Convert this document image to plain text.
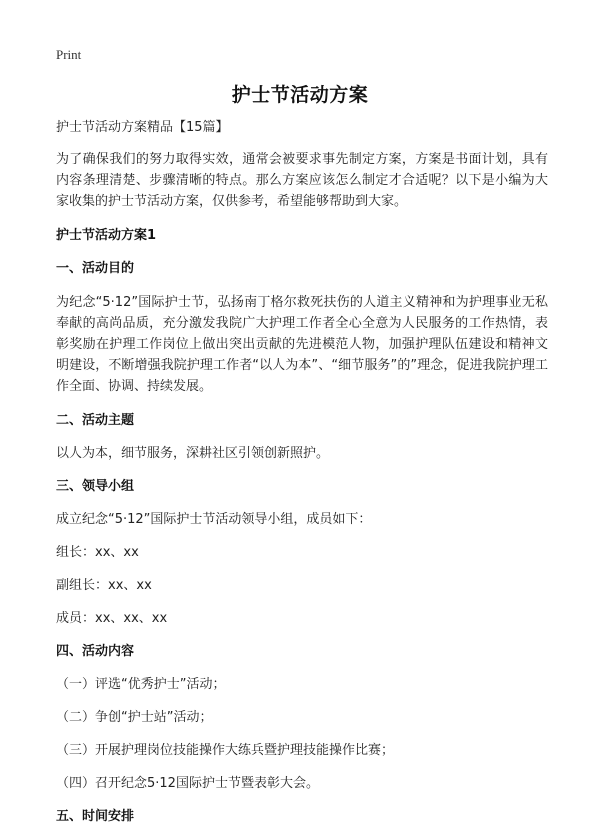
Print
护士节活动方案
护士节活动方案精品【15篇】

为了确保我们的努力取得实效，通常会被要求事先制定方案，方案是书面计划，具有内容条理清楚、步骤清晰的特点。那么方案应该怎么制定才合适呢？以下是小编为大家收集的护士节活动方案，仅供参考，希望能够帮助到大家。

护士节活动方案1
一、活动目的

为纪念“5·12”国际护士节，弘扬南丁格尔救死扶伤的人道主义精神和为护理事业无私奉献的高尚品质，充分激发我院广大护理工作者全心全意为人民服务的工作热情，表彰奖励在护理工作岗位上做出突出贡献的先进模范人物，加强护理队伍建设和精神文明建设，不断增强我院护理工作者“以人为本”、“细节服务”的”理念，促进我院护理工作全面、协调、持续发展。

二、活动主题

以人为本，细节服务，深耕社区引领创新照护。

三、领导小组

成立纪念“5·12”国际护士节活动领导小组，成员如下：

组长：xx、xx

副组长：xx、xx

成员：xx、xx、xx

四、活动内容

（一）评选“优秀护士”活动；

（二）争创“护士站”活动；

（三）开展护理岗位技能操作大练兵暨护理技能操作比赛；

（四）召开纪念5·12国际护士节暨表彰大会。

五、时间安排
